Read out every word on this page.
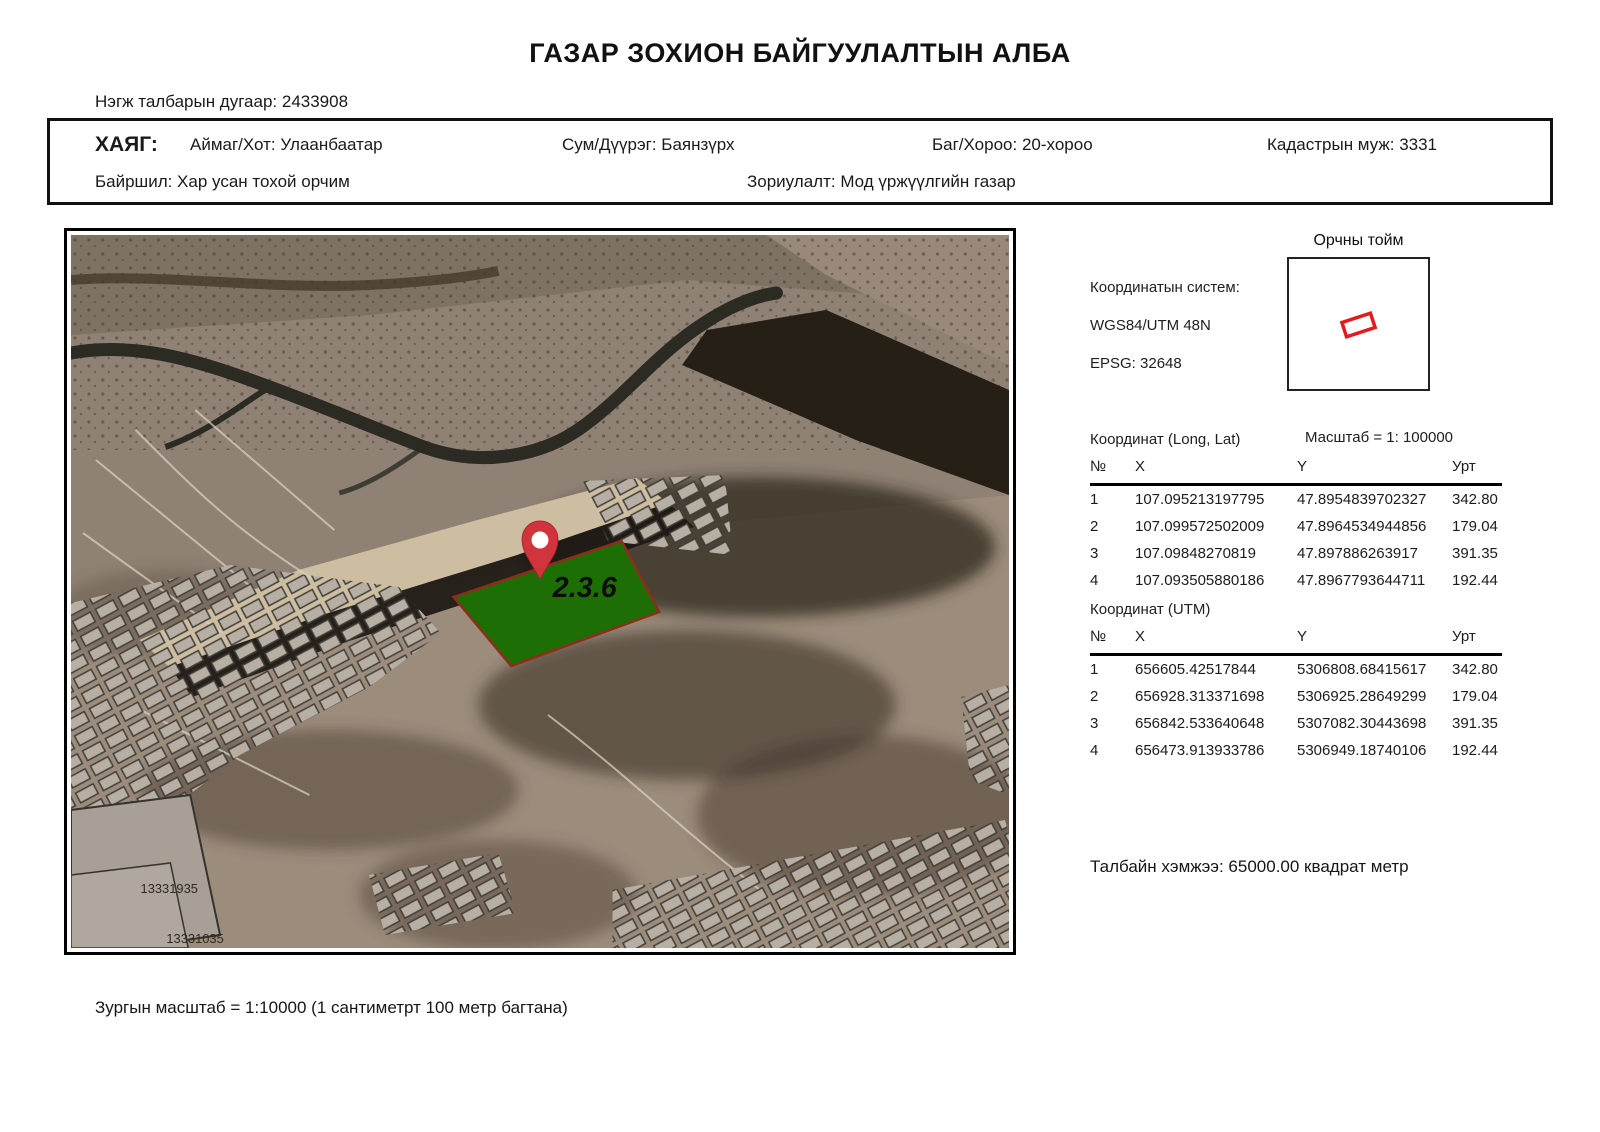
ГАЗАР ЗОХИОН БАЙГУУЛАЛТЫН АЛБА
Нэгж талбарын дугаар: 2433908
ХАЯГ: Аймаг/Хот: Улаанбаатар	Сум/Дүүрэг: Баянзүрх	Баг/Хороо: 20-хороо	Кадастрын муж: 3331
Байршил: Хар усан тохой орчим	Зориулалт: Мод үржүүлгийн газар
13331935
13331035
2.3.6
Орчны тойм
Координатын систем:
WGS84/UTM 48N
EPSG: 32648
Координат (Long, Lat)	Масштаб = 1: 100000
№	X	Y	Урт
1	107.095213197795	47.8954839702327	342.80
2	107.099572502009	47.8964534944856	179.04
3	107.09848270819	47.897886263917	391.35
4	107.093505880186	47.8967793644711	192.44
Координат (UTM)
№	X	Y	Урт
1	656605.42517844	5306808.68415617	342.80
2	656928.313371698	5306925.28649299	179.04
3	656842.533640648	5307082.30443698	391.35
4	656473.913933786	5306949.18740106	192.44
Талбайн хэмжээ: 65000.00 квадрат метр
Зургын масштаб = 1:10000 (1 сантиметрт 100 метр багтана)
